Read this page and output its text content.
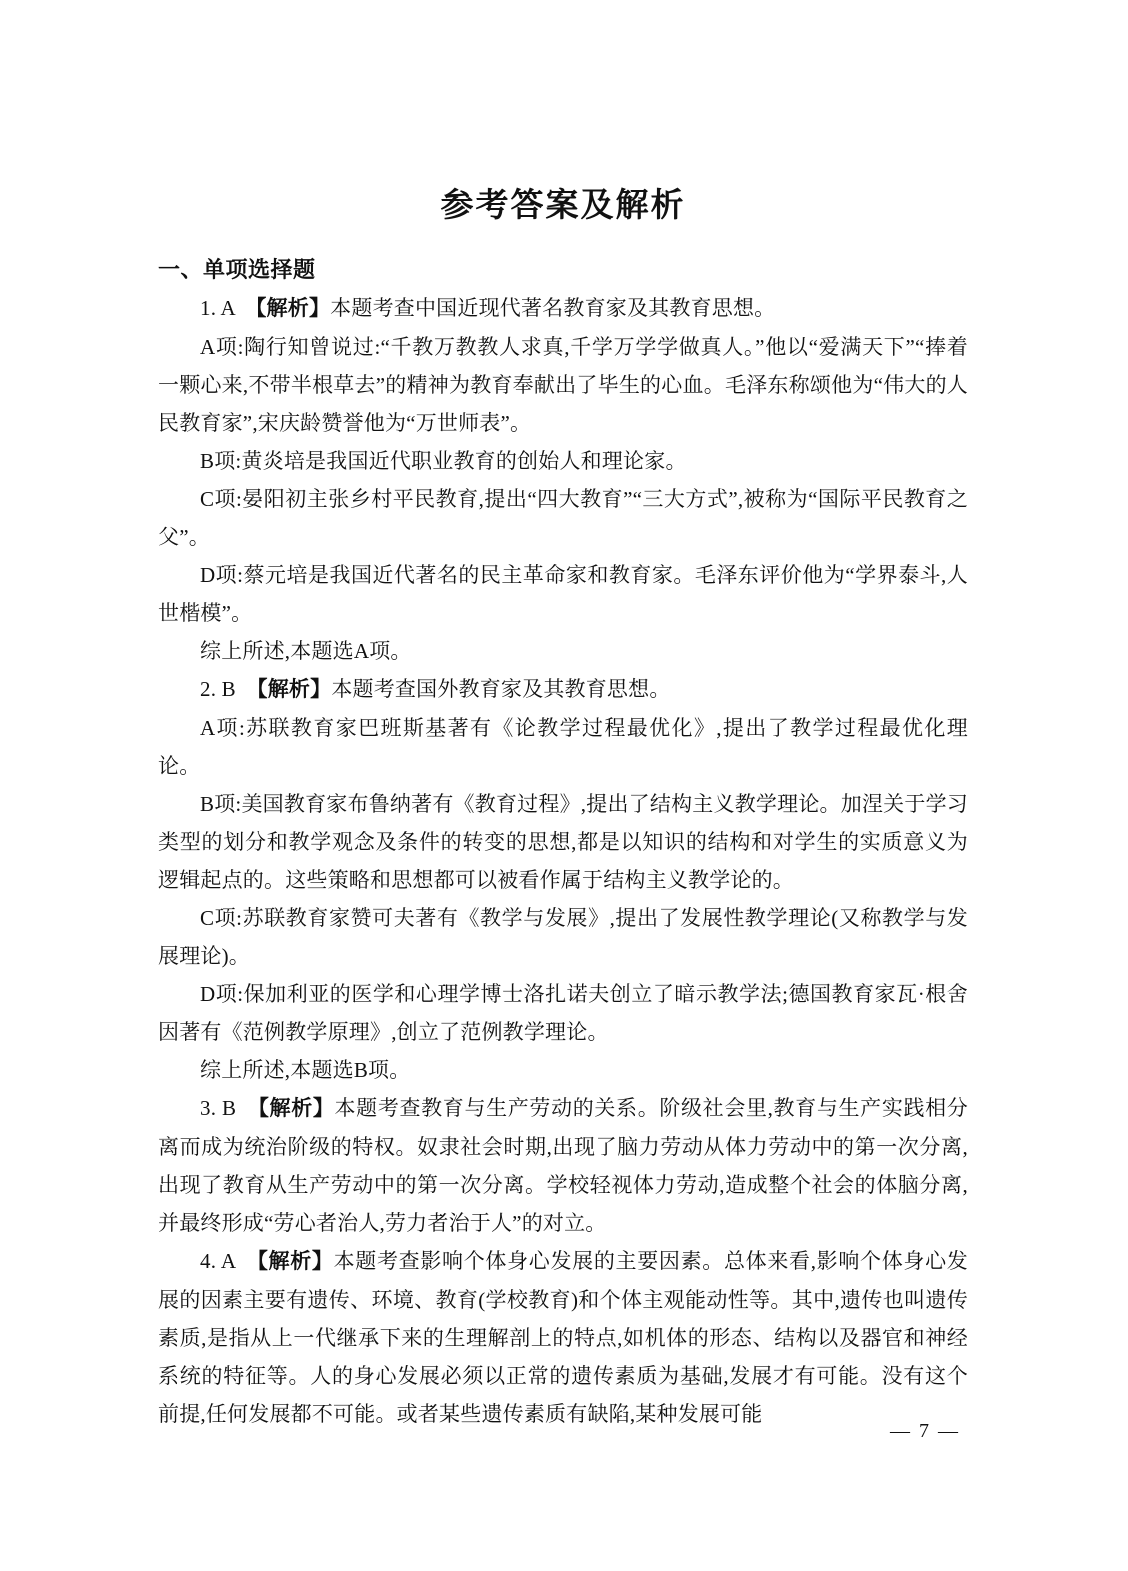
参考答案及解析
一、单项选择题

1. A　【解析】本题考查中国近现代著名教育家及其教育思想。

A项:陶行知曾说过:“千教万教教人求真,千学万学学做真人。”他以“爱满天下”“捧着一颗心来,不带半根草去”的精神为教育奉献出了毕生的心血。毛泽东称颂他为“伟大的人民教育家”,宋庆龄赞誉他为“万世师表”。

B项:黄炎培是我国近代职业教育的创始人和理论家。

C项:晏阳初主张乡村平民教育,提出“四大教育”“三大方式”,被称为“国际平民教育之父”。

D项:蔡元培是我国近代著名的民主革命家和教育家。毛泽东评价他为“学界泰斗,人世楷模”。

综上所述,本题选A项。

2. B　【解析】本题考查国外教育家及其教育思想。

A项:苏联教育家巴班斯基著有《论教学过程最优化》,提出了教学过程最优化理论。

B项:美国教育家布鲁纳著有《教育过程》,提出了结构主义教学理论。加涅关于学习类型的划分和教学观念及条件的转变的思想,都是以知识的结构和对学生的实质意义为逻辑起点的。这些策略和思想都可以被看作属于结构主义教学论的。

C项:苏联教育家赞可夫著有《教学与发展》,提出了发展性教学理论(又称教学与发展理论)。

D项:保加利亚的医学和心理学博士洛扎诺夫创立了暗示教学法;德国教育家瓦·根舍因著有《范例教学原理》,创立了范例教学理论。

综上所述,本题选B项。

3. B　【解析】本题考查教育与生产劳动的关系。阶级社会里,教育与生产实践相分离而成为统治阶级的特权。奴隶社会时期,出现了脑力劳动从体力劳动中的第一次分离,出现了教育从生产劳动中的第一次分离。学校轻视体力劳动,造成整个社会的体脑分离,并最终形成“劳心者治人,劳力者治于人”的对立。

4. A　【解析】本题考查影响个体身心发展的主要因素。总体来看,影响个体身心发展的因素主要有遗传、环境、教育(学校教育)和个体主观能动性等。其中,遗传也叫遗传素质,是指从上一代继承下来的生理解剖上的特点,如机体的形态、结构以及器官和神经系统的特征等。人的身心发展必须以正常的遗传素质为基础,发展才有可能。没有这个前提,任何发展都不可能。或者某些遗传素质有缺陷,某种发展可能

— 7 —
